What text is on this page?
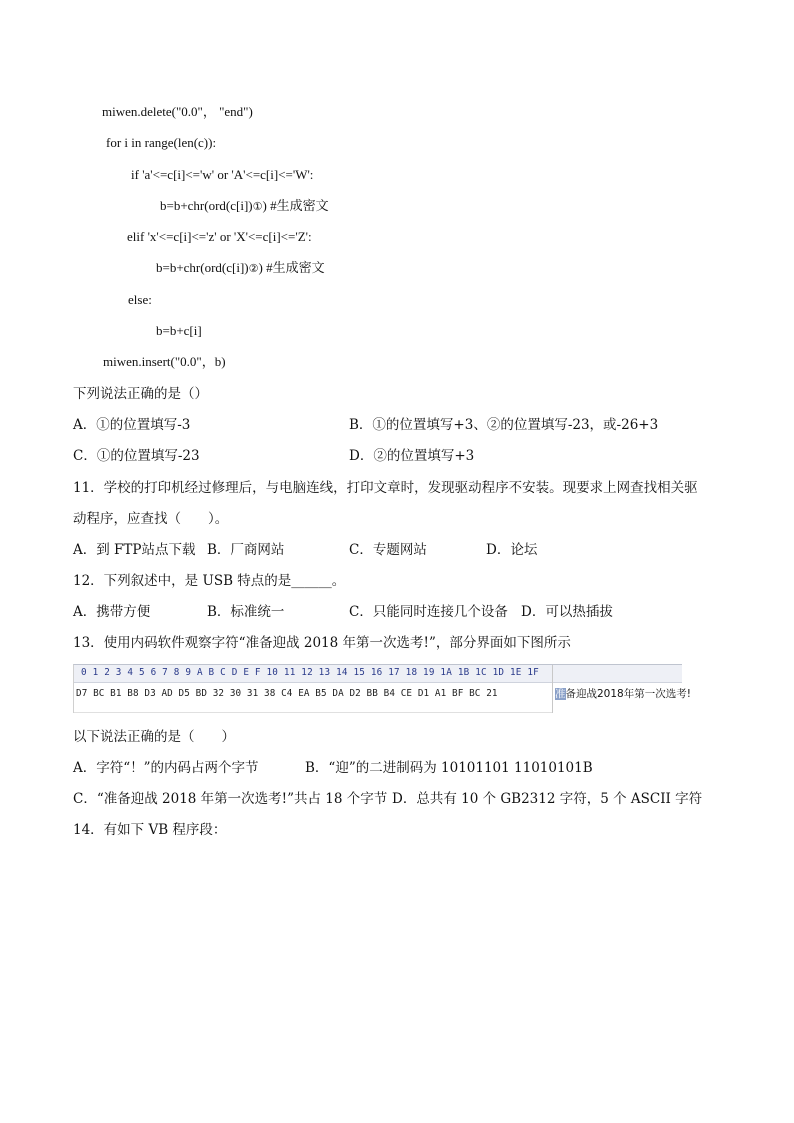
miwen.delete("0.0"， "end")
for i in range(len(c)):
if 'a'<=c[i]<='w' or 'A'<=c[i]<='W':
b=b+chr(ord(c[i])①) #生成密文
elif 'x'<=c[i]<='z' or 'X'<=c[i]<='Z':
b=b+chr(ord(c[i])②) #生成密文
else:
b=b+c[i]
miwen.insert("0.0"，b)
下列说法正确的是（）
A．①的位置填写-3	B．①的位置填写+3、②的位置填写-23，或-26+3
C．①的位置填写-23	D．②的位置填写+3
11．学校的打印机经过修理后，与电脑连线，打印文章时，发现驱动程序不安装。现要求上网查找相关驱
动程序，应查找（　　）。
A．到 FTP站点下载 B．厂商网站	C．专题网站	D．论坛
12．下列叙述中，是 USB 特点的是______。
A．携带方便	B．标准统一	C．只能同时连接几个设备 D．可以热插拔
13．使用内码软件观察字符“准备迎战 2018 年第一次选考!”，部分界面如下图所示
0 1 2 3 4 5 6 7 8 9 A B C D E F 10 11 12 13 14 15 16 17 18 19 1A 1B 1C 1D 1E 1F
D7 BC B1 B8 D3 AD D5 BD 32 30 31 38 C4 EA B5 DA D2 BB B4 CE D1 A1 BF BC 21	准备迎战2018年第一次选考!
以下说法正确的是（　　）
A．字符“！”的内码占两个字节	B．“迎”的二进制码为 10101101 11010101B
C．“准备迎战 2018 年第一次选考!”共占 18 个字节 D．总共有 10 个 GB2312 字符，5 个 ASCII 字符
14．有如下 VB 程序段：
